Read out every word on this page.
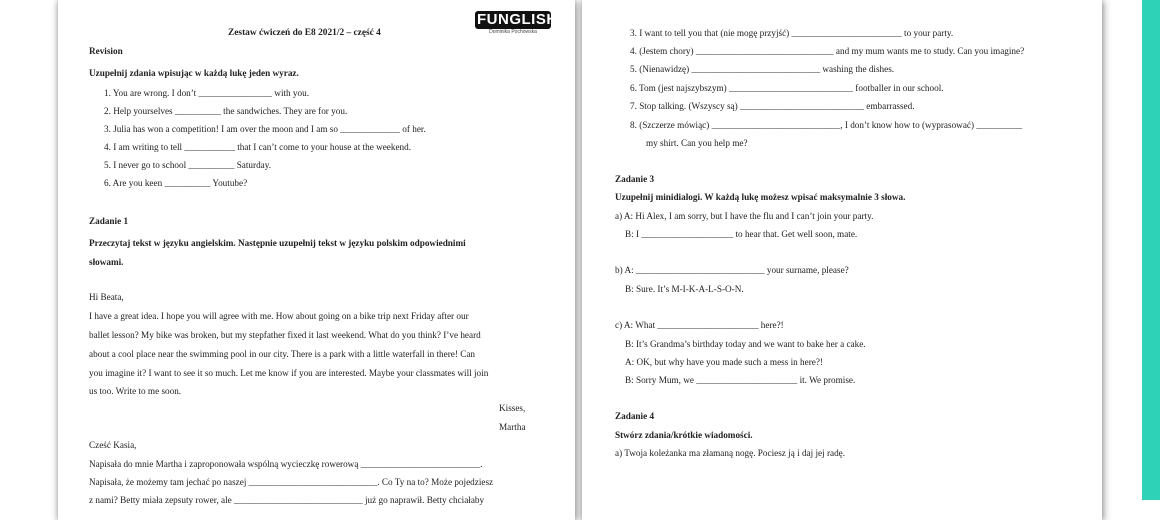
Zestaw ćwiczeń do E8 2021/2 – część 4
FUNGLISH
Dominika Pochowska
Revision
Uzupełnij zdania wpisując w każdą lukę jeden wyraz.
1. You are wrong. I don’t ________________ with you.
2. Help yourselves __________ the sandwiches. They are for you.
3. Julia has won a competition! I am over the moon and I am so _____________ of her.
4. I am writing to tell ___________ that I can’t come to your house at the weekend.
5. I never go to school __________ Saturday.
6. Are you keen __________ Youtube?
Zadanie 1
Przeczytaj tekst w języku angielskim. Następnie uzupełnij tekst w języku polskim odpowiednimi
słowami.
Hi Beata,
I have a great idea. I hope you will agree with me. How about going on a bike trip next Friday after our
ballet lesson? My bike was broken, but my stepfather fixed it last weekend. What do you think? I’ve heard
about a cool place near the swimming pool in our city. There is a park with a little waterfall in there! Can
you imagine it? I want to see it so much. Let me know if you are interested. Maybe your classmates will join
us too. Write to me soon.
Kisses,
Martha
Cześć Kasia,
Napisała do mnie Martha i zaproponowała wspólną wycieczkę rowerową __________________________.
Napisała, że możemy tam jechać po naszej ____________________________. Co Ty na to? Może pojedziesz
z nami? Betty miała zepsuty rower, ale ____________________________ już go naprawił. Betty chciałaby
3. I want to tell you that (nie mogę przyjść) ________________________ to your party.
4. (Jestem chory) ______________________________ and my mum wants me to study. Can you imagine?
5. (Nienawidzę) ____________________________ washing the dishes.
6. Tom (jest najszybszym) ___________________________ footballer in our school.
7. Stop talking. (Wszyscy są) ___________________________ embarrassed.
8. (Szczerze mówiąc) ____________________________, I don’t know how to (wyprasować) __________
my shirt. Can you help me?
Zadanie 3
Uzupełnij minidialogi. W każdą lukę możesz wpisać maksymalnie 3 słowa.
a) A: Hi Alex, I am sorry, but I have the flu and I can’t join your party.
B: I ____________________ to hear that. Get well soon, mate.
b) A: ____________________________ your surname, please?
B: Sure. It’s M-I-K-A-L-S-O-N.
c) A: What ______________________ here?!
B: It’s Grandma’s birthday today and we want to bake her a cake.
A: OK, but why have you made such a mess in here?!
B: Sorry Mum, we ______________________ it. We promise.
Zadanie 4
Stwórz zdania/krótkie wiadomości.
a) Twoja koleżanka ma złamaną nogę. Pociesz ją i daj jej radę.
